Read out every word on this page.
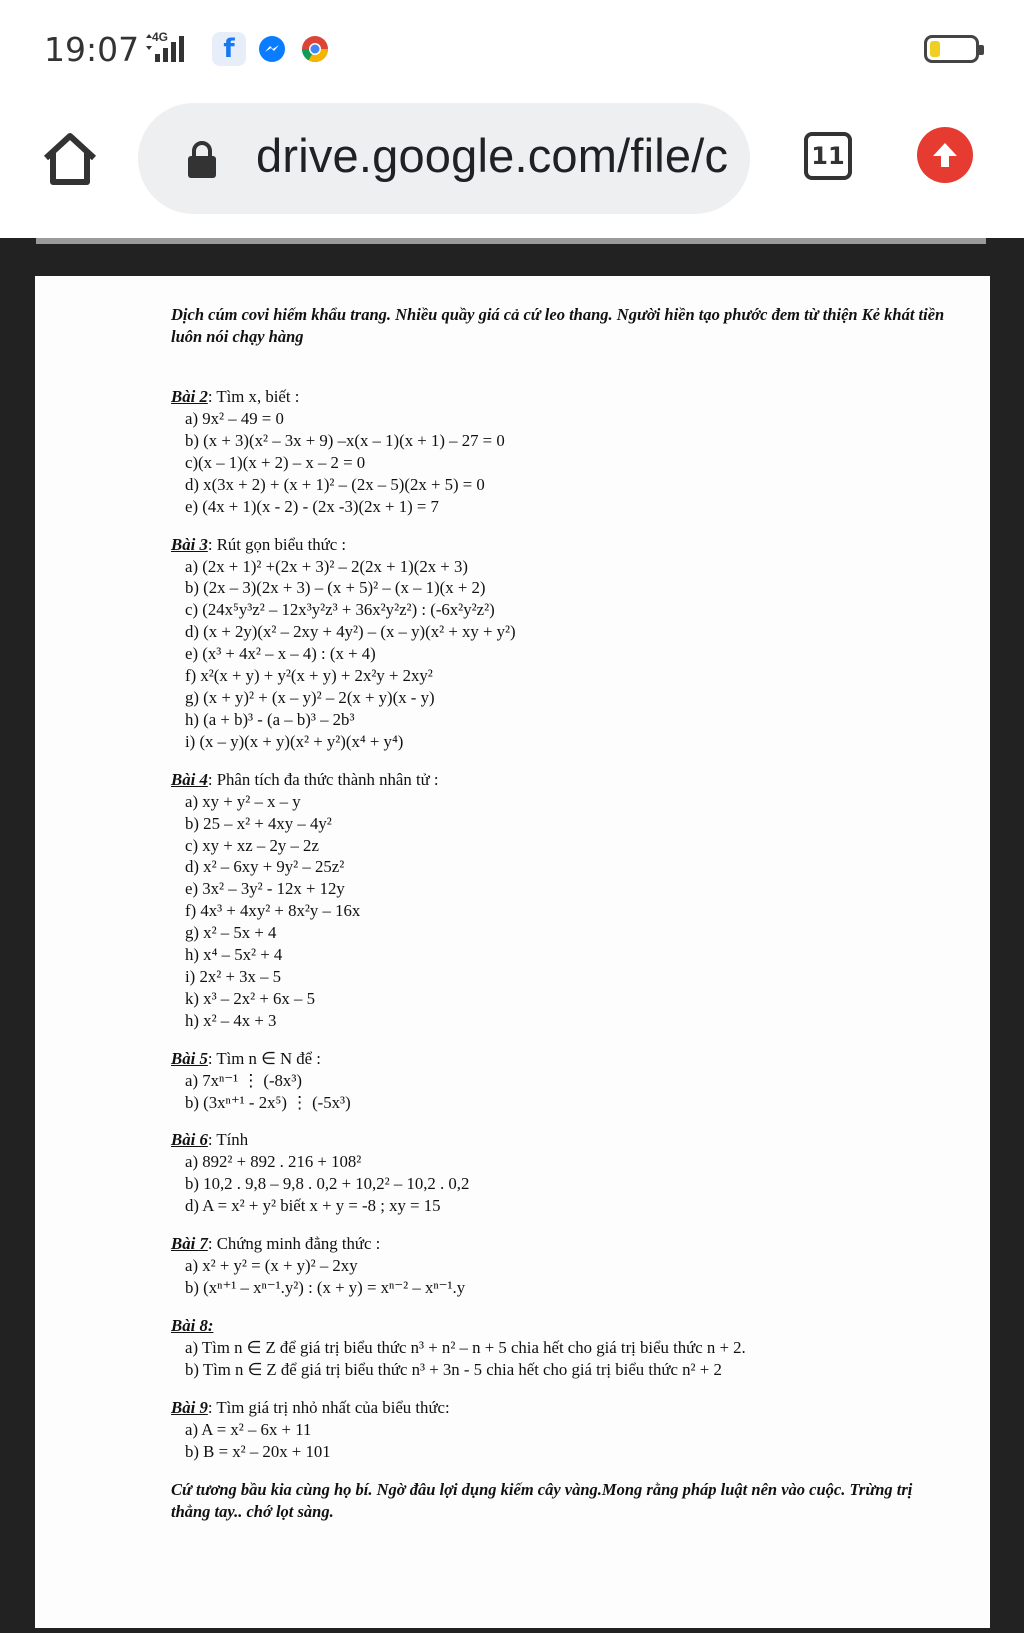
19:07 4G	f
drive.google.com/file/c	11

Dịch cúm covi hiếm khẩu trang. Nhiều quầy giá cả cứ leo thang. Người hiền tạo phước đem từ thiện Kẻ khát tiền luôn nói chạy hàng

Bài 2: Tìm x, biết :
a) 9x² – 49 = 0
b) (x + 3)(x² – 3x + 9) –x(x – 1)(x + 1) – 27 = 0
c)(x – 1)(x + 2) – x – 2 = 0
d) x(3x + 2) + (x + 1)² – (2x – 5)(2x + 5) = 0
e) (4x + 1)(x - 2) - (2x -3)(2x + 1) = 7
Bài 3: Rút gọn biểu thức :
a) (2x + 1)² +(2x + 3)² – 2(2x + 1)(2x + 3)
b) (2x – 3)(2x + 3) – (x + 5)² – (x – 1)(x + 2)
c) (24x⁵y³z² – 12x³y²z³ + 36x²y²z²) : (-6x²y²z²)
d) (x + 2y)(x² – 2xy + 4y²) – (x – y)(x² + xy + y²)
e) (x³ + 4x² – x – 4) : (x + 4)
f) x²(x + y) + y²(x + y) + 2x²y + 2xy²
g) (x + y)² + (x – y)² – 2(x + y)(x - y)
h) (a + b)³ - (a – b)³ – 2b³
i) (x – y)(x + y)(x² + y²)(x⁴ + y⁴)
Bài 4: Phân tích đa thức thành nhân tử :
a) xy + y² – x – y
b) 25 – x² + 4xy – 4y²
c) xy + xz – 2y – 2z
d) x² – 6xy + 9y² – 25z²
e) 3x² – 3y² - 12x + 12y
f) 4x³ + 4xy² + 8x²y – 16x
g) x² – 5x + 4
h) x⁴ – 5x² + 4
i) 2x² + 3x – 5
k) x³ – 2x² + 6x – 5
h) x² – 4x + 3
Bài 5: Tìm n ∈ N để :
a) 7xⁿ⁻¹ ⋮ (-8x³)
b) (3xⁿ⁺¹ - 2x⁵) ⋮ (-5x³)
Bài 6: Tính
a) 892² + 892 . 216 + 108²
b) 10,2 . 9,8 – 9,8 . 0,2 + 10,2² – 10,2 . 0,2
d) A = x² + y² biết x + y = -8 ; xy = 15
Bài 7: Chứng minh đẳng thức :
a) x² + y² = (x + y)² – 2xy
b) (xⁿ⁺¹ – xⁿ⁻¹.y²) : (x + y) = xⁿ⁻² – xⁿ⁻¹.y
Bài 8:
a) Tìm n ∈ Z để giá trị biểu thức n³ + n² – n + 5 chia hết cho giá trị biểu thức n + 2.
b) Tìm n ∈ Z để giá trị biểu thức n³ + 3n - 5 chia hết cho giá trị biểu thức n² + 2
Bài 9: Tìm giá trị nhỏ nhất của biểu thức:
a) A = x² – 6x + 11
b) B = x² – 20x + 101

Cứ tương bầu kia cùng họ bí. Ngờ đâu lợi dụng kiếm cây vàng.Mong rằng pháp luật nên vào cuộc. Trừng trị thẳng tay.. chớ lọt sàng.
